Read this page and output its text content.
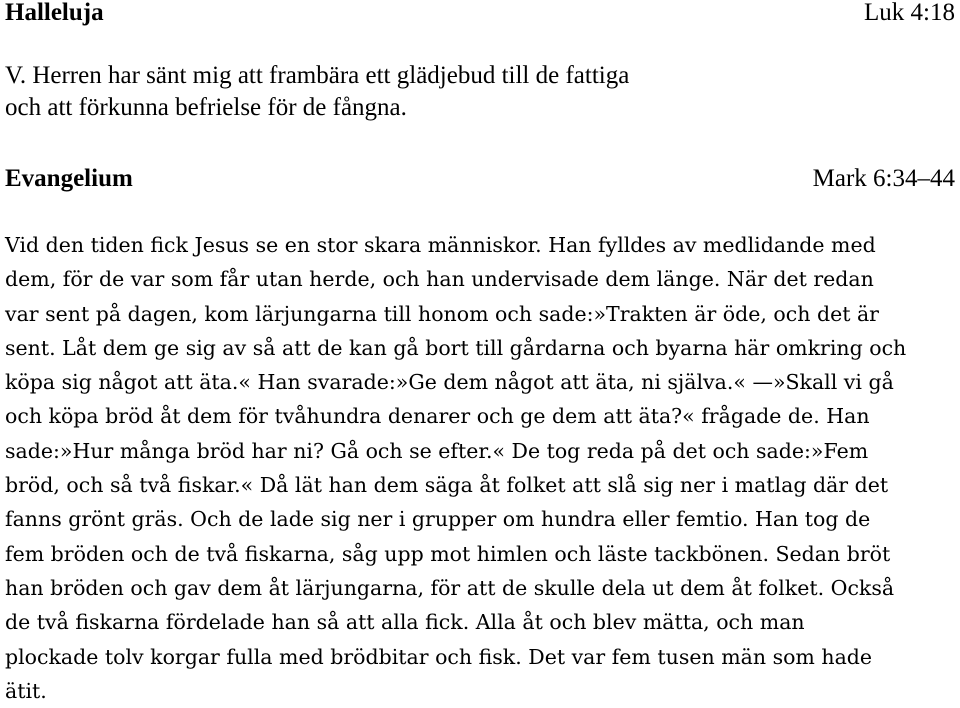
Halleluja	Luk 4:18

V. Herren har sänt mig att frambära ett glädjebud till de fattiga
och att förkunna befrielse för de fångna.

Evangelium	Mark 6:34–44

Vid den tiden fick Jesus se en stor skara människor. Han fylldes av medlidande med
dem, för de var som får utan herde, och han undervisade dem länge. När det redan
var sent på dagen, kom lärjungarna till honom och sade:»Trakten är öde, och det är
sent. Låt dem ge sig av så att de kan gå bort till gårdarna och byarna här omkring och
köpa sig något att äta.« Han svarade:»Ge dem något att äta, ni själva.« —»Skall vi gå
och köpa bröd åt dem för tvåhundra denarer och ge dem att äta?« frågade de. Han
sade:»Hur många bröd har ni? Gå och se efter.« De tog reda på det och sade:»Fem
bröd, och så två fiskar.« Då lät han dem säga åt folket att slå sig ner i matlag där det
fanns grönt gräs. Och de lade sig ner i grupper om hundra eller femtio. Han tog de
fem bröden och de två fiskarna, såg upp mot himlen och läste tackbönen. Sedan bröt
han bröden och gav dem åt lärjungarna, för att de skulle dela ut dem åt folket. Också
de två fiskarna fördelade han så att alla fick. Alla åt och blev mätta, och man
plockade tolv korgar fulla med brödbitar och fisk. Det var fem tusen män som hade
ätit.
